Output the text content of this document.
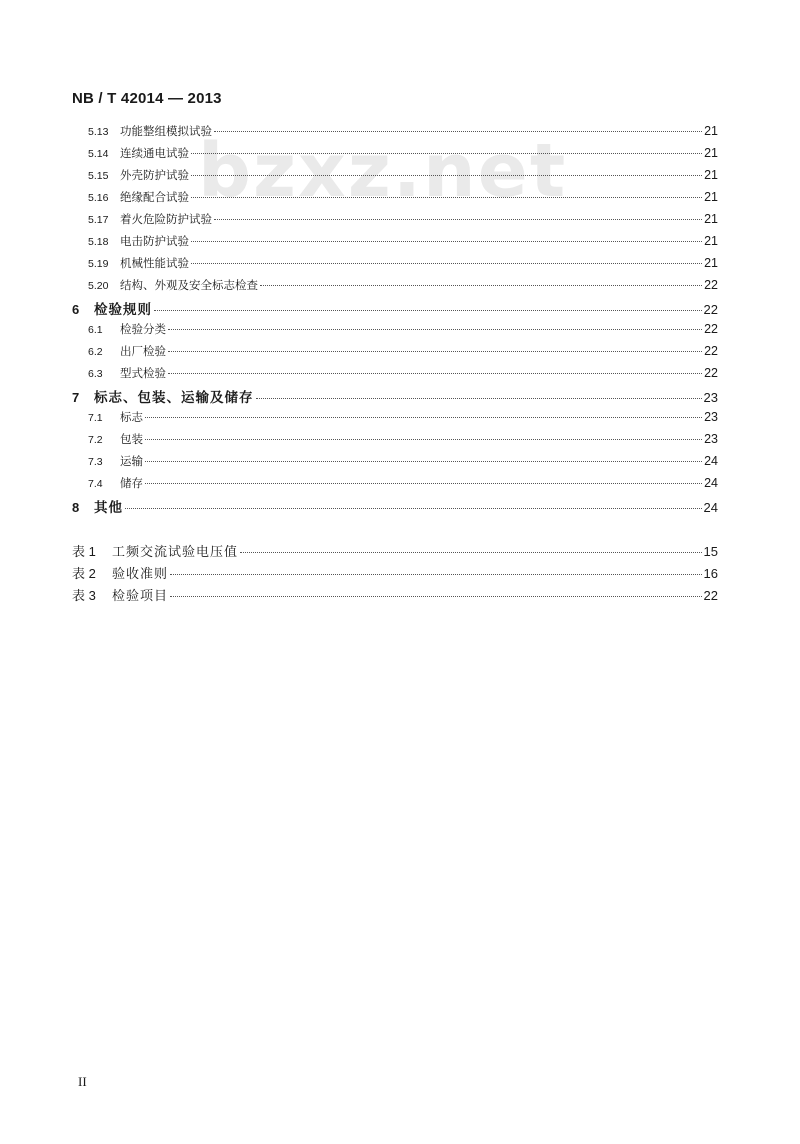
NB / T 42014 — 2013
bzxz.net
5.13	功能整组模拟试验	21
5.14	连续通电试验	21
5.15	外壳防护试验	21
5.16	绝缘配合试验	21
5.17	着火危险防护试验	21
5.18	电击防护试验	21
5.19	机械性能试验	21
5.20	结构、外观及安全标志检查	22
6	检验规则	22
6.1	检验分类	22
6.2	出厂检验	22
6.3	型式检验	22
7	标志、包装、运输及储存	23
7.1	标志	23
7.2	包装	23
7.3	运输	24
7.4	储存	24
8	其他	24
表 1	工频交流试验电压值	15
表 2	验收准则	16
表 3	检验项目	22
II
